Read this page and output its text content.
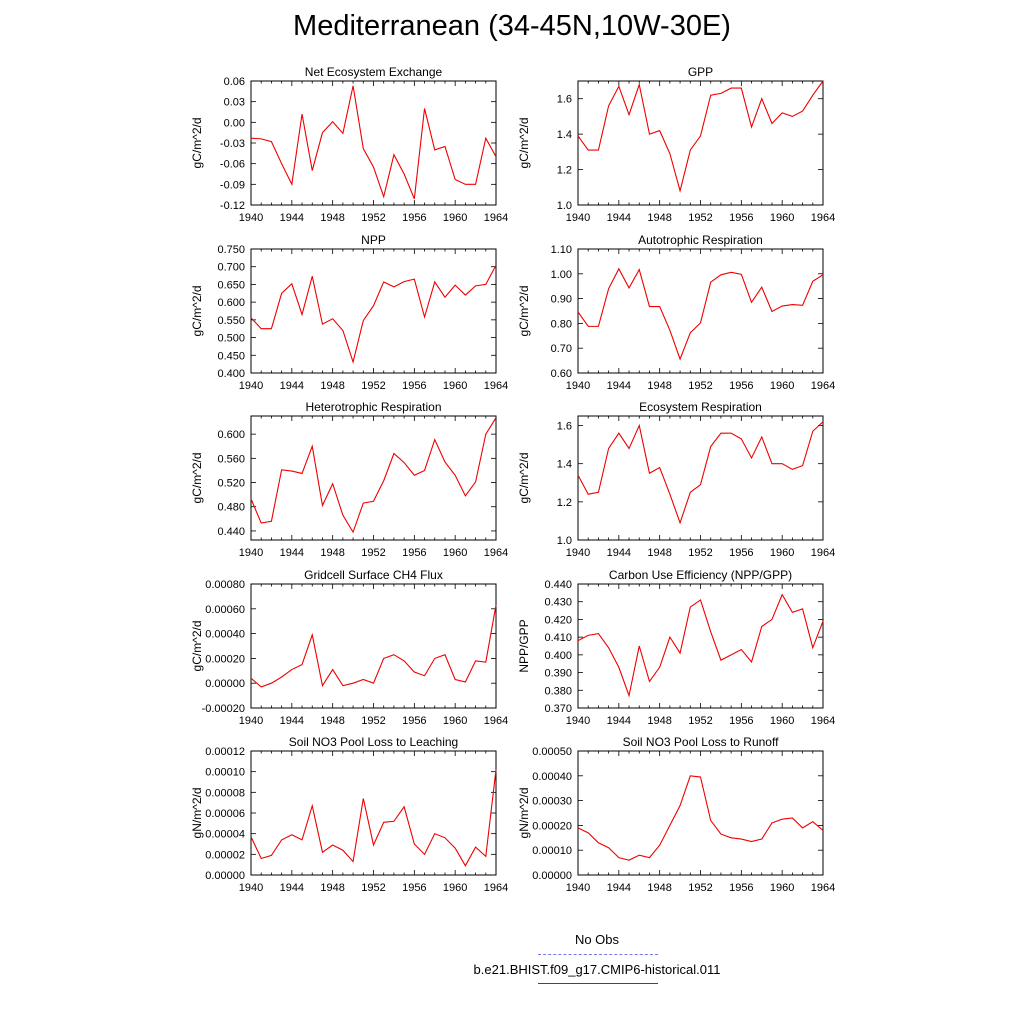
Mediterranean (34-45N,10W-30E)
Net Ecosystem Exchange
gC/m^2/d
1940 1944 1948 1952 1956 1960 1964
-0.12
-0.09
-0.06
-0.03
0.00
0.03
0.06
GPP
gC/m^2/d
1940 1944 1948 1952 1956 1960 1964
1.0
1.2
1.4
1.6
NPP
gC/m^2/d
1940 1944 1948 1952 1956 1960 1964
0.400
0.450
0.500
0.550
0.600
0.650
0.700
0.750
Autotrophic Respiration
gC/m^2/d
1940 1944 1948 1952 1956 1960 1964
0.60
0.70
0.80
0.90
1.00
1.10
Heterotrophic Respiration
gC/m^2/d
1940 1944 1948 1952 1956 1960 1964
0.440
0.480
0.520
0.560
0.600
Ecosystem Respiration
gC/m^2/d
1940 1944 1948 1952 1956 1960 1964
1.0
1.2
1.4
1.6
Gridcell Surface CH4 Flux
gC/m^2/d
1940 1944 1948 1952 1956 1960 1964
-0.00020
0.00000
0.00020
0.00040
0.00060
0.00080
Carbon Use Efficiency (NPP/GPP)
NPP/GPP
1940 1944 1948 1952 1956 1960 1964
0.370
0.380
0.390
0.400
0.410
0.420
0.430
0.440
Soil NO3 Pool Loss to Leaching
gN/m^2/d
1940 1944 1948 1952 1956 1960 1964
0.00000
0.00002
0.00004
0.00006
0.00008
0.00010
0.00012
Soil NO3 Pool Loss to Runoff
gN/m^2/d
1940 1944 1948 1952 1956 1960 1964
0.00000
0.00010
0.00020
0.00030
0.00040
0.00050
No Obs
b.e21.BHIST.f09_g17.CMIP6-historical.011
